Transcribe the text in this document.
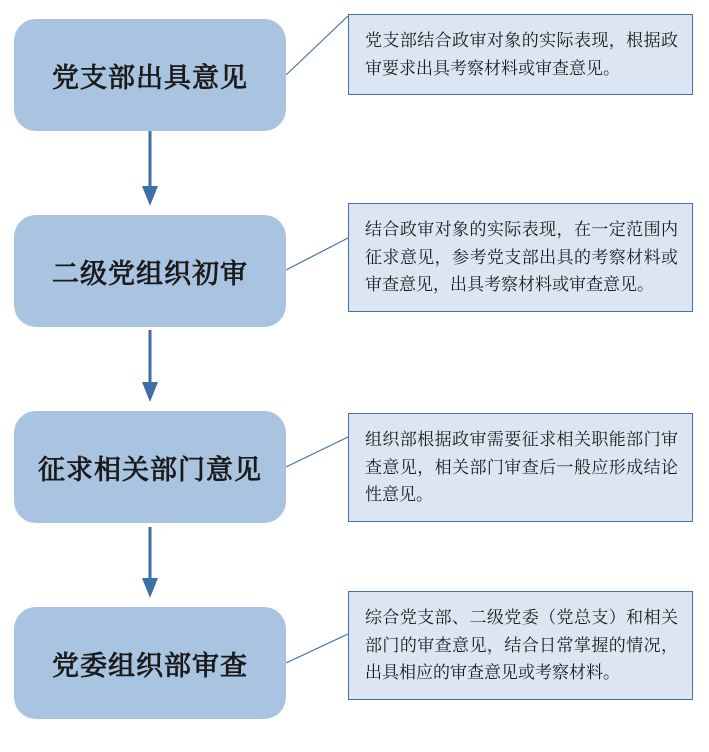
党支部出具意见
党支部结合政审对象的实际表现，根据政审要求出具考察材料或审查意见。
二级党组织初审
结合政审对象的实际表现，在一定范围内征求意见，参考党支部出具的考察材料或审查意见，出具考察材料或审查意见。
征求相关部门意见
组织部根据政审需要征求相关职能部门审查意见，相关部门审查后一般应形成结论性意见。
党委组织部审查
综合党支部、二级党委（党总支）和相关部门的审查意见，结合日常掌握的情况，出具相应的审查意见或考察材料。
